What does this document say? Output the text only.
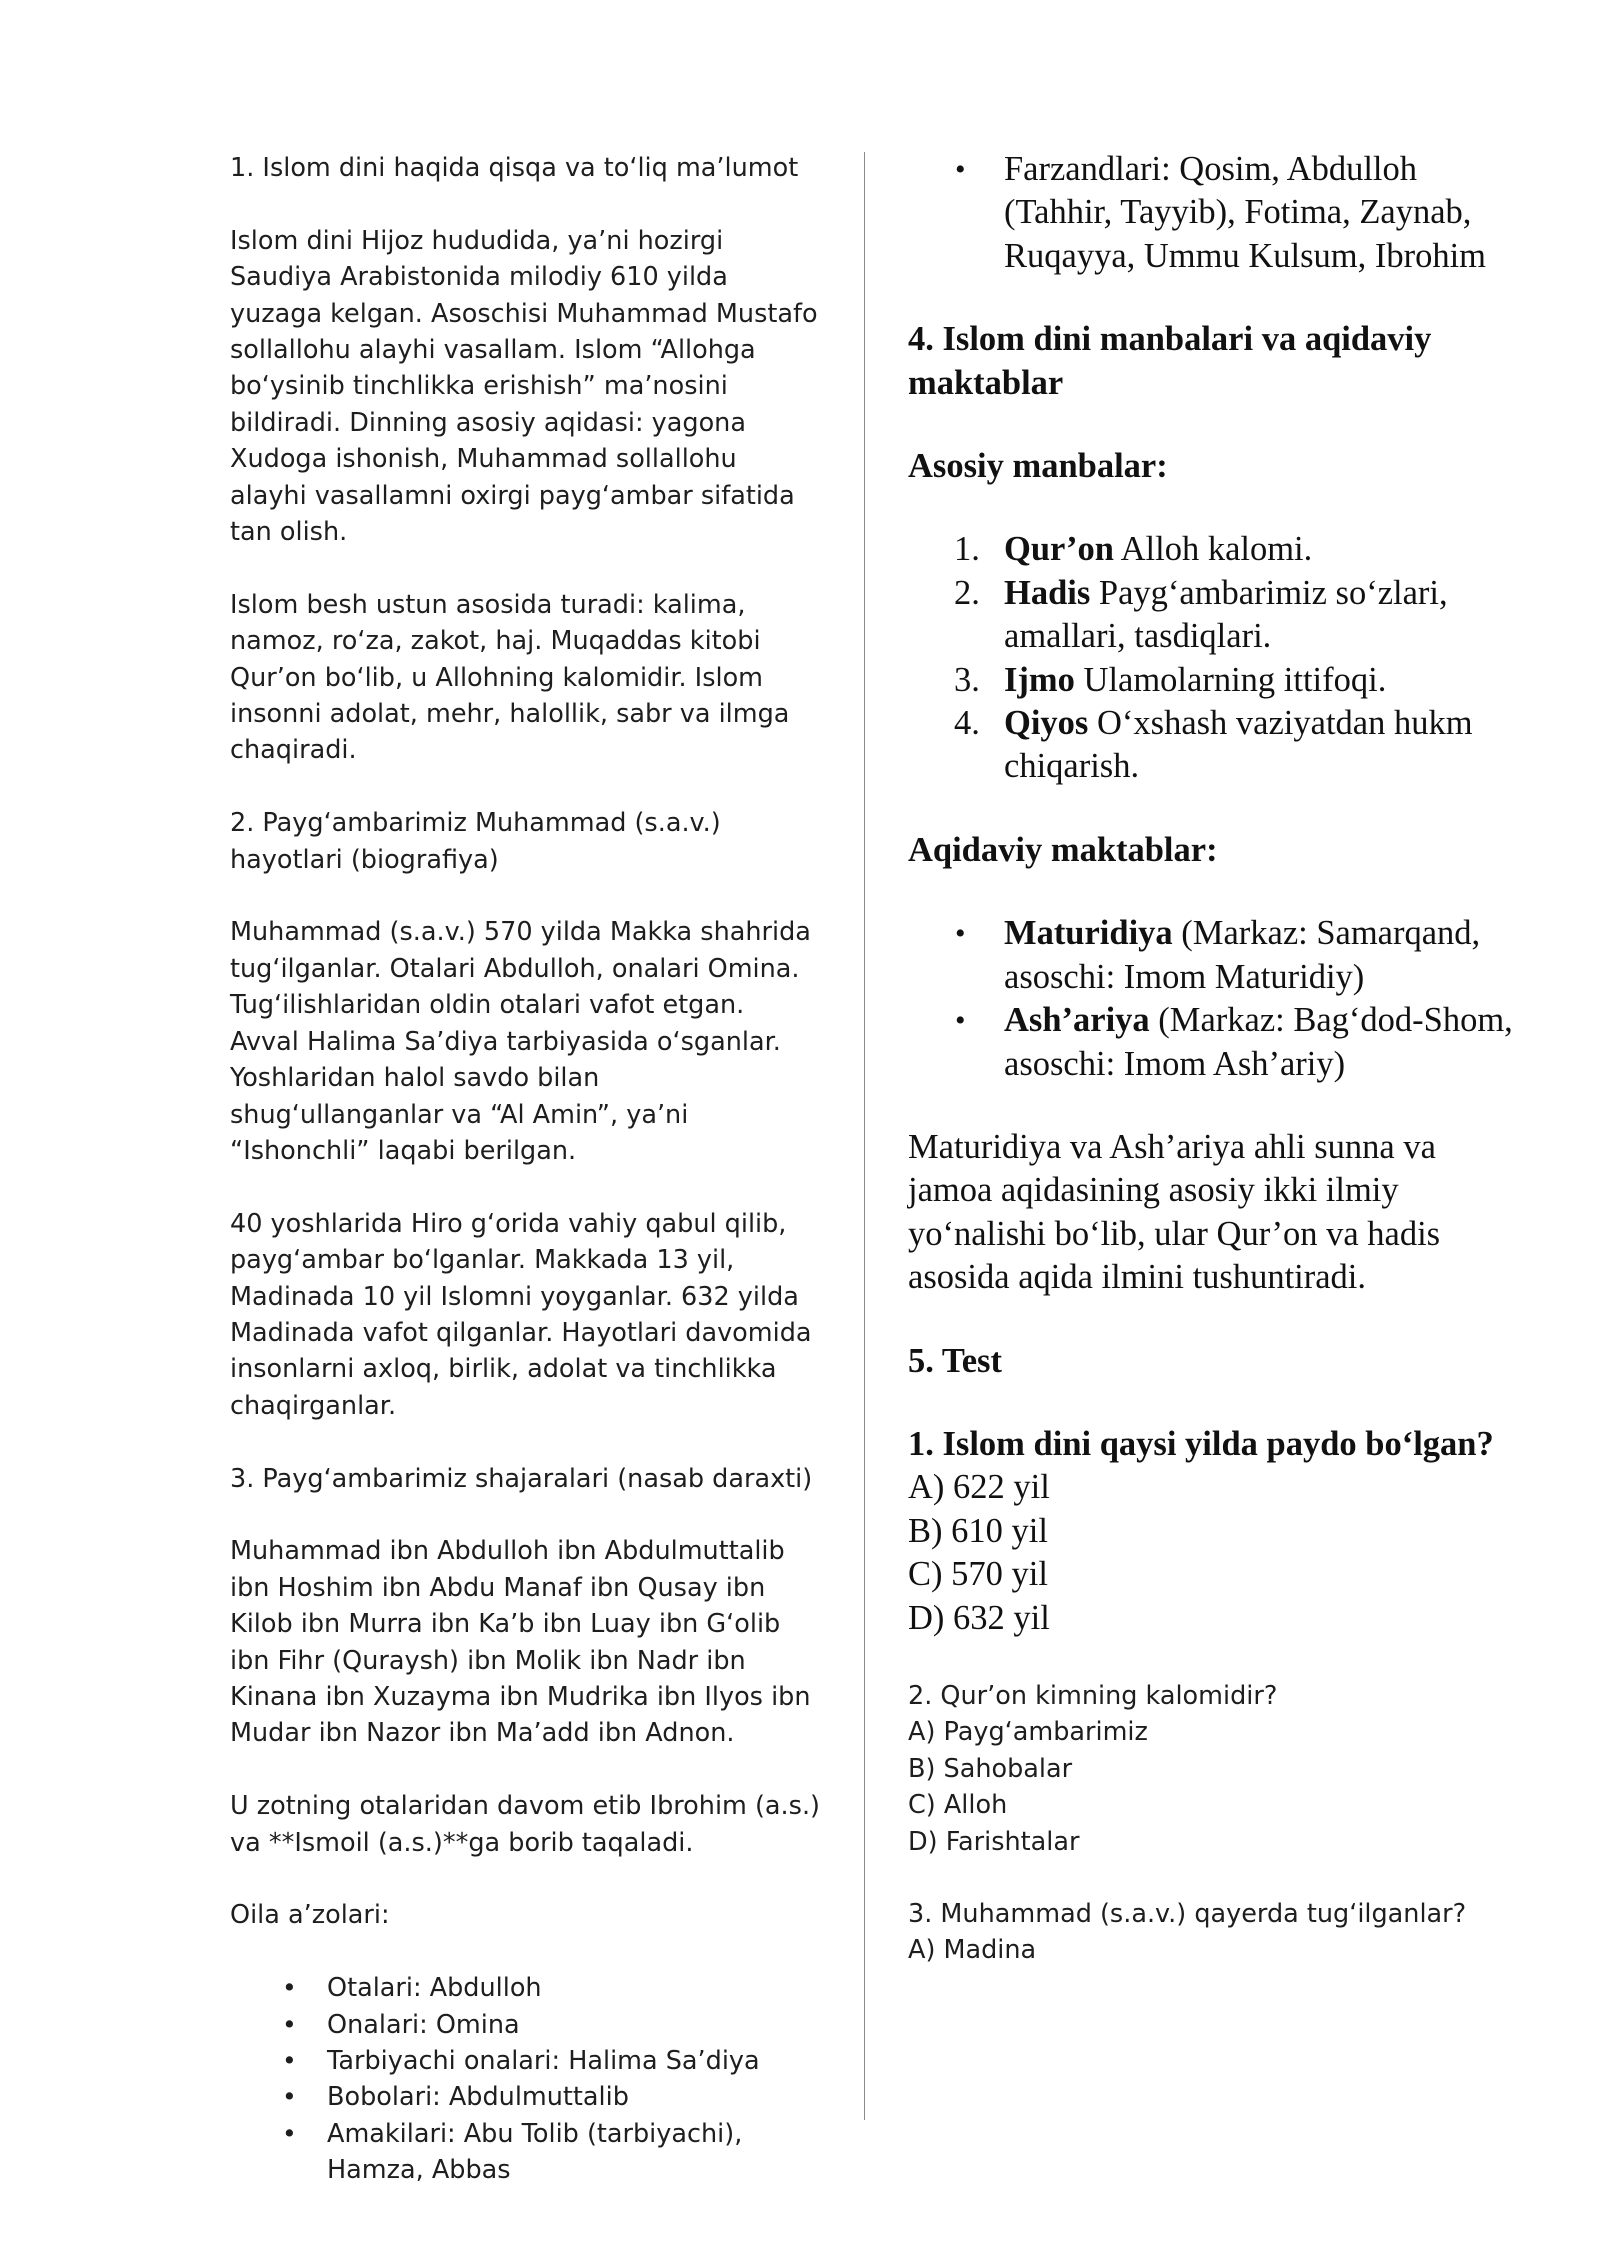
1. Islom dini haqida qisqa va to‘liq ma’lumot

Islom dini Hijoz hududida, ya’ni hozirgi Saudiya Arabistonida milodiy 610 yilda yuzaga kelgan. Asoschisi Muhammad Mustafo sollallohu alayhi vasallam. Islom “Allohga bo‘ysinib tinchlikka erishish” ma’nosini bildiradi. Dinning asosiy aqidasi: yagona Xudoga ishonish, Muhammad sollallohu alayhi vasallamni oxirgi payg‘ambar sifatida tan olish.

Islom besh ustun asosida turadi: kalima, namoz, ro‘za, zakot, haj. Muqaddas kitobi Qur’on bo‘lib, u Allohning kalomidir. Islom insonni adolat, mehr, halollik, sabr va ilmga chaqiradi.

2. Payg‘ambarimiz Muhammad (s.a.v.) hayotlari (biografiya)

Muhammad (s.a.v.) 570 yilda Makka shahrida tug‘ilganlar. Otalari Abdulloh, onalari Omina. Tug‘ilishlaridan oldin otalari vafot etgan. Avval Halima Sa’diya tarbiyasida o‘sganlar. Yoshlaridan halol savdo bilan shug‘ullanganlar va “Al Amin”, ya’ni “Ishonchli” laqabi berilgan.

40 yoshlarida Hiro g‘orida vahiy qabul qilib, payg‘ambar bo‘lganlar. Makkada 13 yil, Madinada 10 yil Islomni yoyganlar. 632 yilda Madinada vafot qilganlar. Hayotlari davomida insonlarni axloq, birlik, adolat va tinchlikka chaqirganlar.

3. Payg‘ambarimiz shajaralari (nasab daraxti)

Muhammad ibn Abdulloh ibn Abdulmuttalib ibn Hoshim ibn Abdu Manaf ibn Qusay ibn Kilob ibn Murra ibn Ka’b ibn Luay ibn G‘olib ibn Fihr (Quraysh) ibn Molik ibn Nadr ibn Kinana ibn Xuzayma ibn Mudrika ibn Ilyos ibn Mudar ibn Nazor ibn Ma’add ibn Adnon.

U zotning otalaridan davom etib Ibrohim (a.s.) va **Ismoil (a.s.)**ga borib taqaladi.

Oila a’zolari:

• Otalari: Abdulloh
• Onalari: Omina
• Tarbiyachi onalari: Halima Sa’diya
• Bobolari: Abdulmuttalib
• Amakilari: Abu Tolib (tarbiyachi), Hamza, Abbas
• Farzandlari: Qosim, Abdulloh (Tahhir, Tayyib), Fotima, Zaynab, Ruqayya, Ummu Kulsum, Ibrohim
4. Islom dini manbalari va aqidaviy maktablar
Asosiy manbalar:
1. Qur’on Alloh kalomi.
2. Hadis Payg‘ambarimiz so‘zlari, amallari, tasdiqlari.
3. Ijmo Ulamolarning ittifoqi.
4. Qiyos O‘xshash vaziyatdan hukm chiqarish.
Aqidaviy maktablar:
• Maturidiya (Markaz: Samarqand, asoschi: Imom Maturidiy)
• Ash’ariya (Markaz: Bag‘dod-Shom, asoschi: Imom Ash’ariy)

Maturidiya va Ash’ariya ahli sunna va jamoa aqidasining asosiy ikki ilmiy yo‘nalishi bo‘lib, ular Qur’on va hadis asosida aqida ilmini tushuntiradi.

5. Test
1. Islom dini qaysi yilda paydo bo‘lgan?

A) 622 yil

B) 610 yil

C) 570 yil

D) 632 yil

2. Qur’on kimning kalomidir?
A) Payg‘ambarimiz
B) Sahobalar
C) Alloh
D) Farishtalar
3. Muhammad (s.a.v.) qayerda tug‘ilganlar?
A) Madina
